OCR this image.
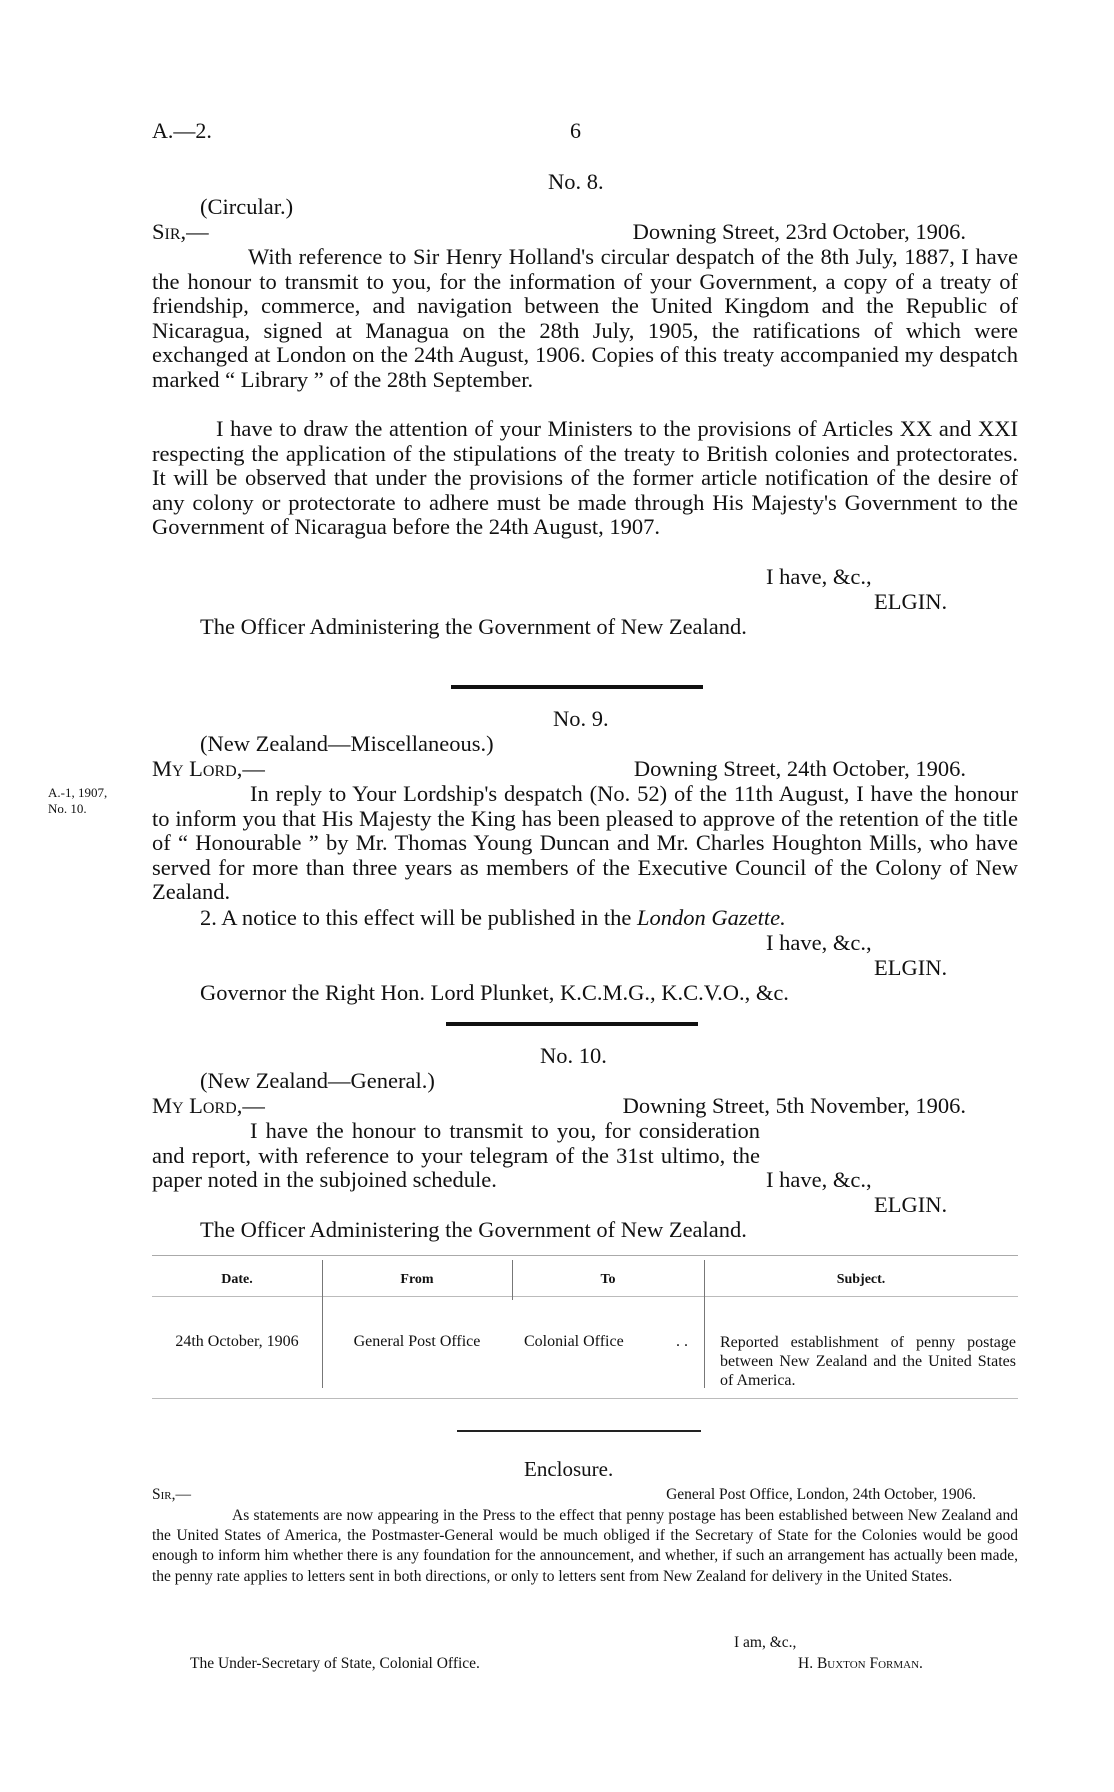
A.—2.	6
No. 8.
(Circular.)
Sir,—	Downing Street, 23rd October, 1906.
With reference to Sir Henry Holland's circular despatch of the 8th July, 1887, I have the honour to transmit to you, for the information of your Government, a copy of a treaty of friendship, commerce, and navigation between the United Kingdom and the Republic of Nicaragua, signed at Managua on the 28th July, 1905, the ratifications of which were exchanged at London on the 24th August, 1906. Copies of this treaty accompanied my despatch marked “ Library ” of the 28th September.
I have to draw the attention of your Ministers to the provisions of Articles XX and XXI respecting the application of the stipulations of the treaty to British colonies and protectorates. It will be observed that under the provisions of the former article notification of the desire of any colony or protectorate to adhere must be made through His Majesty's Government to the Government of Nicaragua before the 24th August, 1907.
I have, &c.,
ELGIN.
The Officer Administering the Government of New Zealand.
No. 9.
(New Zealand—Miscellaneous.)
My Lord,—	Downing Street, 24th October, 1906.
In reply to Your Lordship's despatch (No. 52) of the 11th August, I have the honour to inform you that His Majesty the King has been pleased to approve of the retention of the title of “ Honourable ” by Mr. Thomas Young Duncan and Mr. Charles Houghton Mills, who have served for more than three years as members of the Executive Council of the Colony of New Zealand.
2. A notice to this effect will be published in the London Gazette.
I have, &c.,
ELGIN.
Governor the Right Hon. Lord Plunket, K.C.M.G., K.C.V.O., &c.
A.-1, 1907,
No. 10.
No. 10.
(New Zealand—General.)
My Lord,—	Downing Street, 5th November, 1906.
I have the honour to transmit to you, for consideration and report, with reference to your telegram of the 31st ultimo, the paper noted in the subjoined schedule.	I have, &c.,
ELGIN.
The Officer Administering the Government of New Zealand.
Date.	From	To	Subject.
24th October, 1906	General Post Office	Colonial Office	. . Reported establishment of penny postage between New Zealand and the United States of America.
Enclosure.
Sir,—	General Post Office, London, 24th October, 1906.
As statements are now appearing in the Press to the effect that penny postage has been established between New Zealand and the United States of America, the Postmaster-General would be much obliged if the Secretary of State for the Colonies would be good enough to inform him whether there is any foundation for the announcement, and whether, if such an arrangement has actually been made, the penny rate applies to letters sent in both directions, or only to letters sent from New Zealand for delivery in the United States.
I am, &c.,
The Under-Secretary of State, Colonial Office.	H. Buxton Forman.
